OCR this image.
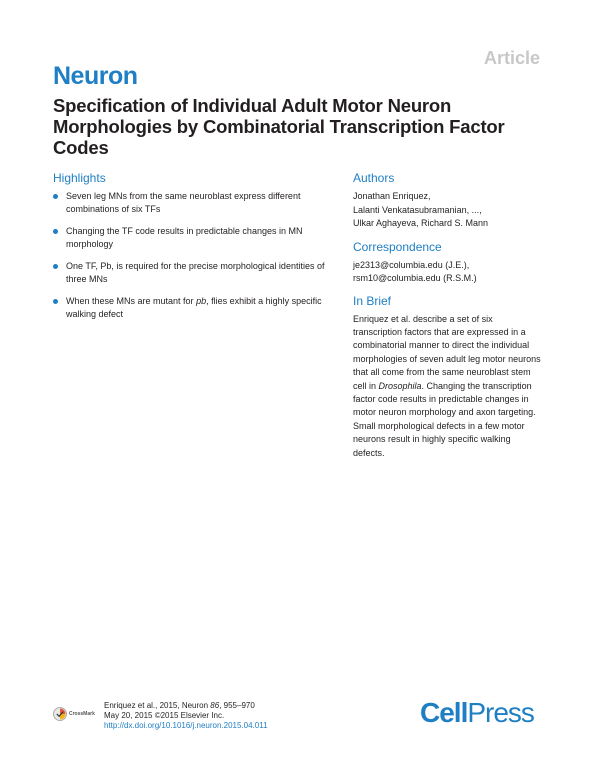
Article
Neuron
Specification of Individual Adult Motor Neuron Morphologies by Combinatorial Transcription Factor Codes
Highlights
Seven leg MNs from the same neuroblast express different combinations of six TFs
Changing the TF code results in predictable changes in MN morphology
One TF, Pb, is required for the precise morphological identities of three MNs
When these MNs are mutant for pb, flies exhibit a highly specific walking defect
Authors
Jonathan Enriquez,
Lalanti Venkatasubramanian, ...,
Ulkar Aghayeva, Richard S. Mann
Correspondence
je2313@columbia.edu (J.E.),
rsm10@columbia.edu (R.S.M.)
In Brief
Enriquez et al. describe a set of six transcription factors that are expressed in a combinatorial manner to direct the individual morphologies of seven adult leg motor neurons that all come from the same neuroblast stem cell in Drosophila. Changing the transcription factor code results in predictable changes in motor neuron morphology and axon targeting. Small morphological defects in a few motor neurons result in highly specific walking defects.
CrossMark
Enriquez et al., 2015, Neuron 86, 955–970
May 20, 2015 ©2015 Elsevier Inc.
http://dx.doi.org/10.1016/j.neuron.2015.04.011	CellPress
